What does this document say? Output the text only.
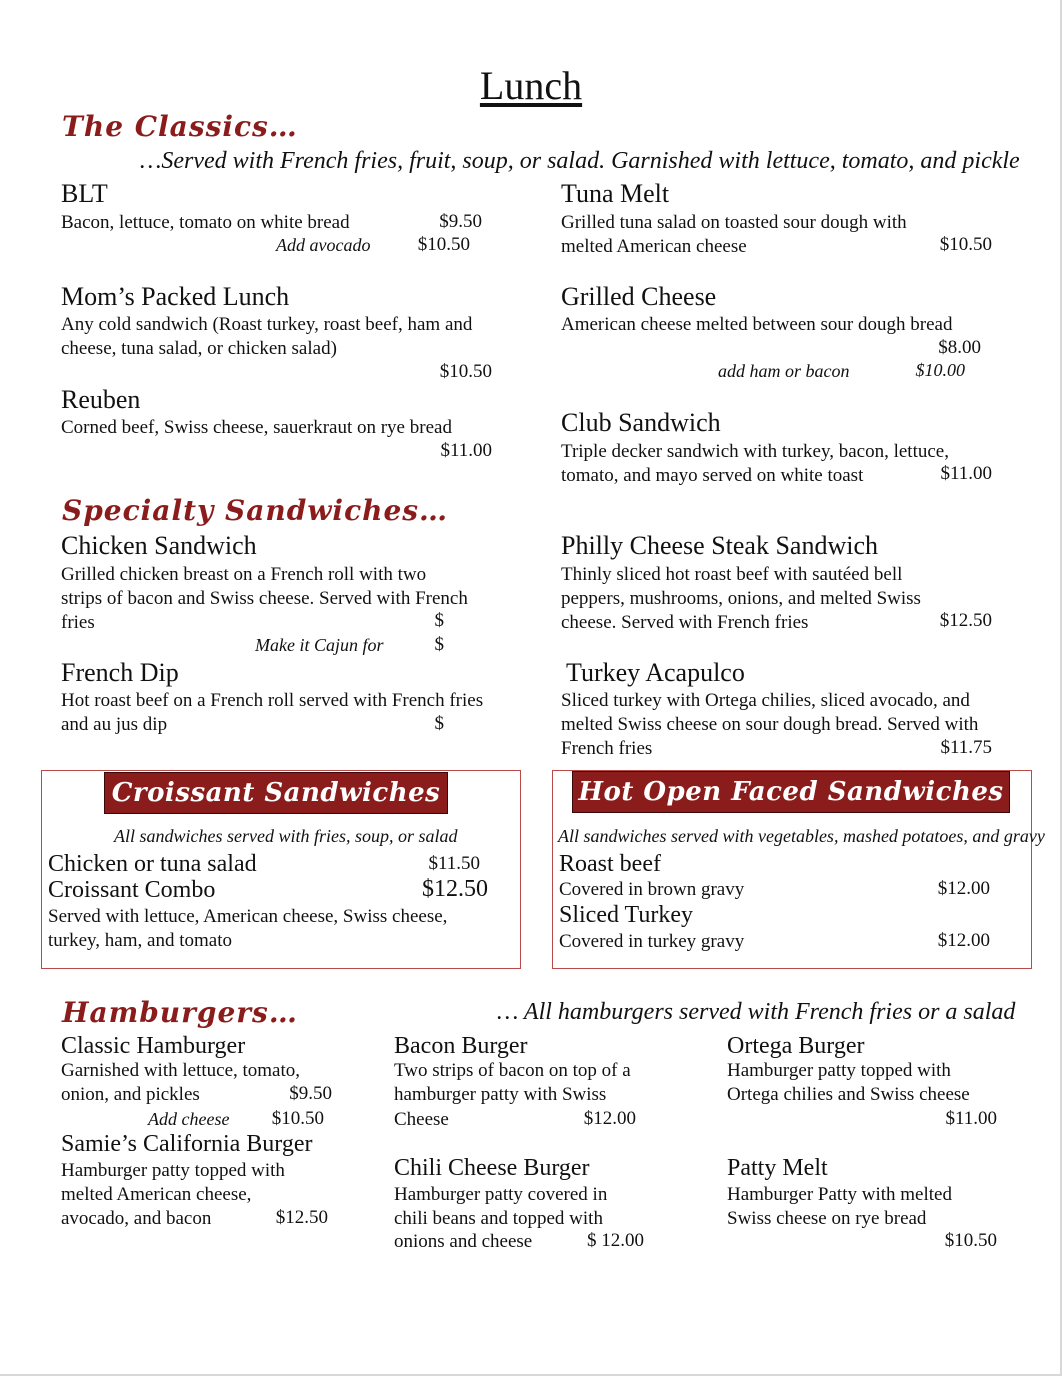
Lunch
The Classics…
…Served with French fries, fruit, soup, or salad. Garnished with lettuce, tomato, and pickle
BLT
Bacon, lettuce, tomato on white bread	$9.50
Add avocado	$10.50
Tuna Melt
Grilled tuna salad on toasted sour dough with melted American cheese	$10.50
Mom’s Packed Lunch
Any cold sandwich (Roast turkey, roast beef, ham and cheese, tuna salad, or chicken salad)
$10.50
Grilled Cheese
American cheese melted between sour dough bread
$8.00
add ham or bacon	$10.00
Reuben
Corned beef, Swiss cheese, sauerkraut on rye bread
$11.00
Club Sandwich
Triple decker sandwich with turkey, bacon, lettuce, tomato, and mayo served on white toast	$11.00
Specialty Sandwiches…
Chicken Sandwich
Grilled chicken breast on a French roll with two strips of bacon and Swiss cheese. Served with French fries	$
Make it Cajun for	$
Philly Cheese Steak Sandwich
Thinly sliced hot roast beef with sautéed bell peppers, mushrooms, onions, and melted Swiss cheese. Served with French fries	$12.50
French Dip
Hot roast beef on a French roll served with French fries and au jus dip	$
Turkey Acapulco
Sliced turkey with Ortega chilies, sliced avocado, and melted Swiss cheese on sour dough bread. Served with French fries	$11.75
Croissant Sandwiches
All sandwiches served with fries, soup, or salad
Chicken or tuna salad	$11.50
Croissant Combo	$12.50
Served with lettuce, American cheese, Swiss cheese, turkey, ham, and tomato
Hot Open Faced Sandwiches
All sandwiches served with vegetables, mashed potatoes, and gravy
Roast beef
Covered in brown gravy	$12.00
Sliced Turkey
Covered in turkey gravy	$12.00
Hamburgers…	… All hamburgers served with French fries or a salad
Classic Hamburger
Garnished with lettuce, tomato,
onion, and pickles	$9.50
Add cheese	$10.50
Samie’s California Burger
Hamburger patty topped with
melted American cheese,
avocado, and bacon	$12.50
Bacon Burger
Two strips of bacon on top of a
hamburger patty with Swiss
Cheese	$12.00
Chili Cheese Burger
Hamburger patty covered in
chili beans and topped with
onions and cheese	$ 12.00
Ortega Burger
Hamburger patty topped with
Ortega chilies and Swiss cheese
$11.00
Patty Melt
Hamburger Patty with melted
Swiss cheese on rye bread
$10.50
